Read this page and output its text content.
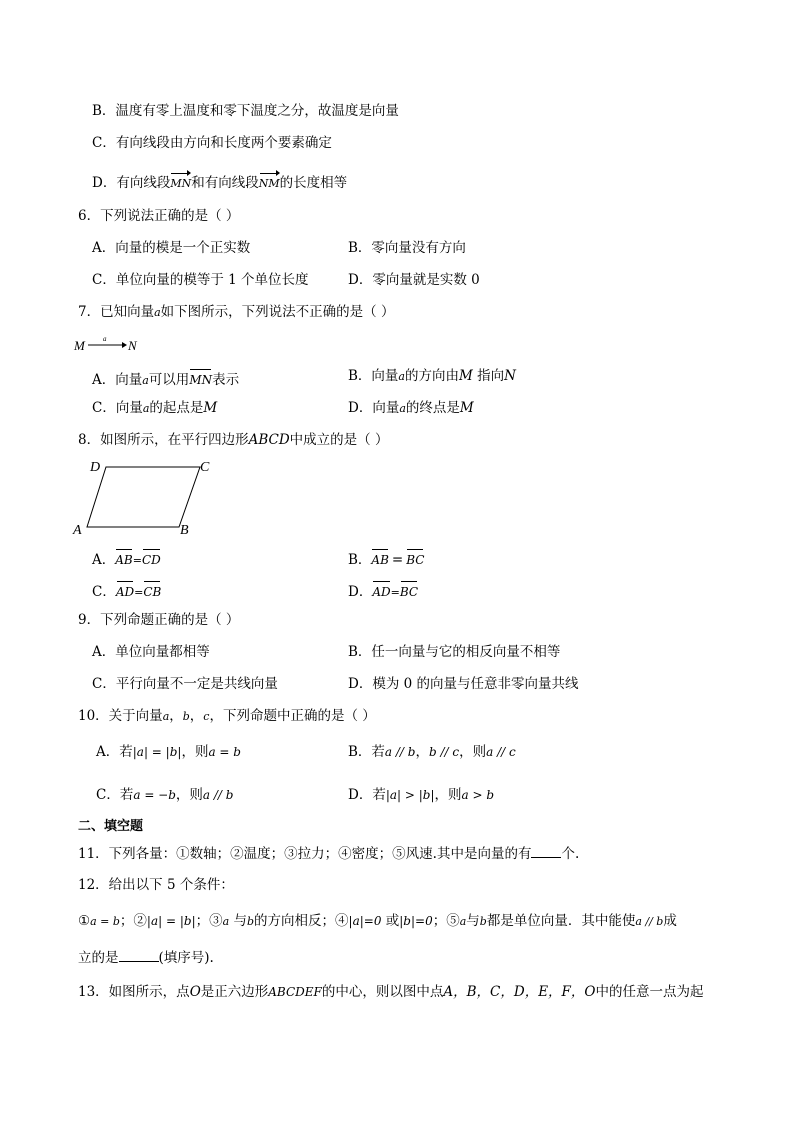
B．温度有零上温度和零下温度之分，故温度是向量
C．有向线段由方向和长度两个要素确定
D．有向线段MN和有向线段NM的长度相等
6．下列说法正确的是（ ）
A．向量的模是一个正实数	B．零向量没有方向
C．单位向量的模等于 1 个单位长度	D．零向量就是实数 0
7．已知向量a如下图所示，下列说法不正确的是（ ）
M	a N
A．向量a可以用MN表示	B．向量a的方向由M 指向N
C．向量a的起点是M	D．向量a的终点是M
8．如图所示，在平行四边形ABCD中成立的是（ ）
D	C
A	B
A．AB=CD	B．AB = BC
C．AD=CB	D．AD=BC
9．下列命题正确的是（ ）
A．单位向量都相等	B．任一向量与它的相反向量不相等
C．平行向量不一定是共线向量	D．模为 0 的向量与任意非零向量共线
10．关于向量a，b，c，下列命题中正确的是（ ）
A．若|a| = |b|，则a = b	B．若a // b，b // c，则a // c
C．若a = −b，则a // b	D．若|a| > |b|，则a > b
二、填空题
11．下列各量：①数轴；②温度；③拉力；④密度；⑤风速.其中是向量的有 个.
12．给出以下 5 个条件：
①a = b；②|a| = |b|；③a 与b的方向相反；④|a|=0 或|b|=0；⑤a与b都是单位向量．其中能使a // b成
立的是	(填序号).
13．如图所示，点O是正六边形ABCDEF的中心，则以图中点A，B，C，D，E，F，O中的任意一点为起
